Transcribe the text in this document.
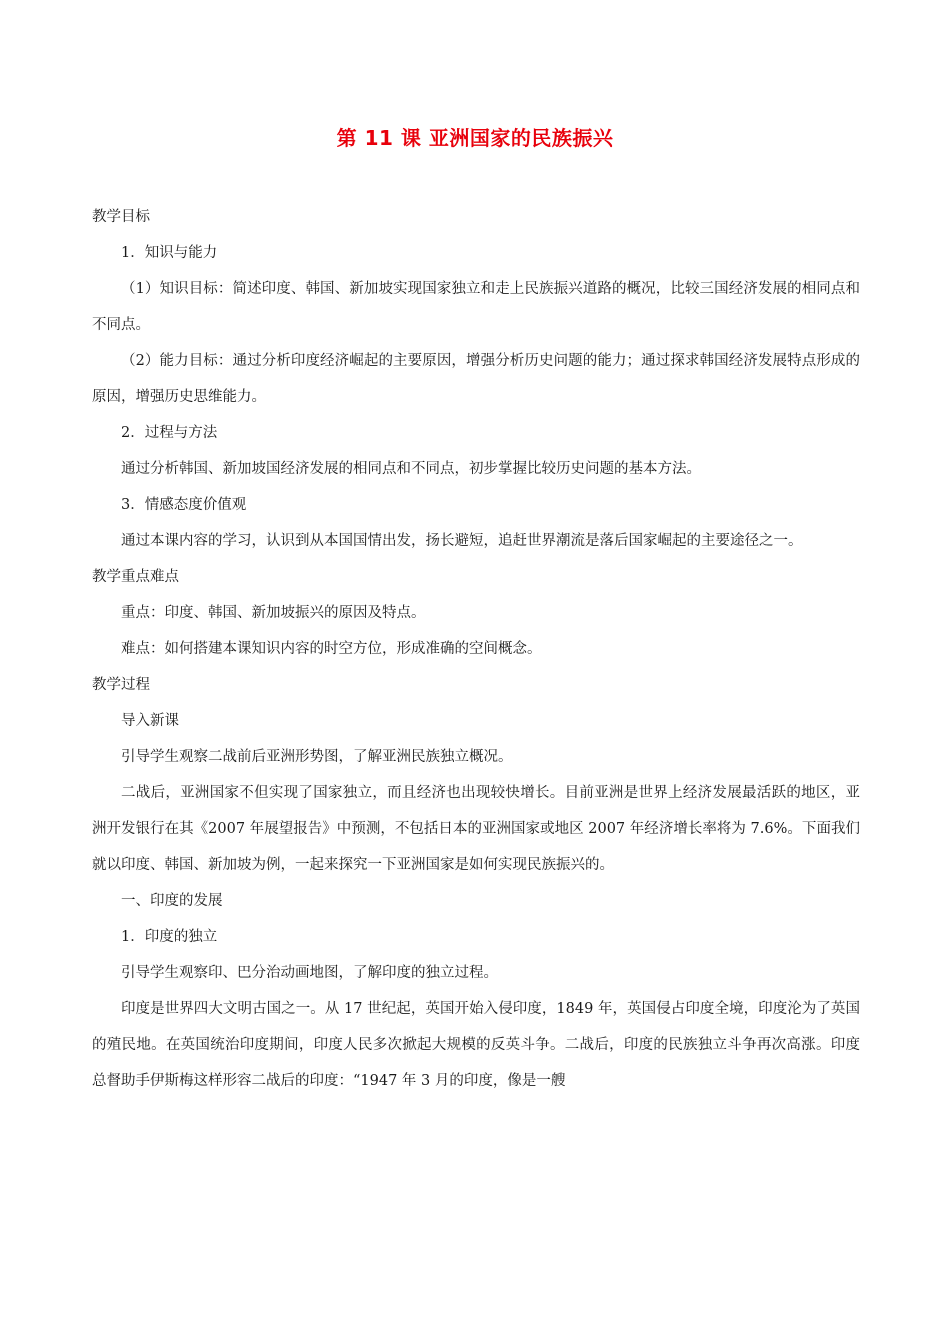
第 11 课 亚洲国家的民族振兴

教学目标

1．知识与能力

（1）知识目标：简述印度、韩国、新加坡实现国家独立和走上民族振兴道路的概况，比较三国经济发展的相同点和不同点。

（2）能力目标：通过分析印度经济崛起的主要原因，增强分析历史问题的能力；通过探求韩国经济发展特点形成的原因，增强历史思维能力。

2．过程与方法

通过分析韩国、新加坡国经济发展的相同点和不同点，初步掌握比较历史问题的基本方法。

3．情感态度价值观

通过本课内容的学习，认识到从本国国情出发，扬长避短，追赶世界潮流是落后国家崛起的主要途径之一。

教学重点难点

重点：印度、韩国、新加坡振兴的原因及特点。

难点：如何搭建本课知识内容的时空方位，形成准确的空间概念。

教学过程

导入新课

引导学生观察二战前后亚洲形势图，了解亚洲民族独立概况。

二战后，亚洲国家不但实现了国家独立，而且经济也出现较快增长。目前亚洲是世界上经济发展最活跃的地区，亚洲开发银行在其《2007 年展望报告》中预测，不包括日本的亚洲国家或地区 2007 年经济增长率将为 7.6%。下面我们就以印度、韩国、新加坡为例，一起来探究一下亚洲国家是如何实现民族振兴的。

一、印度的发展

1．印度的独立

引导学生观察印、巴分治动画地图，了解印度的独立过程。

印度是世界四大文明古国之一。从 17 世纪起，英国开始入侵印度，1849 年，英国侵占印度全境，印度沦为了英国的殖民地。在英国统治印度期间，印度人民多次掀起大规模的反英斗争。二战后，印度的民族独立斗争再次高涨。印度总督助手伊斯梅这样形容二战后的印度：“1947 年 3 月的印度，像是一艘
